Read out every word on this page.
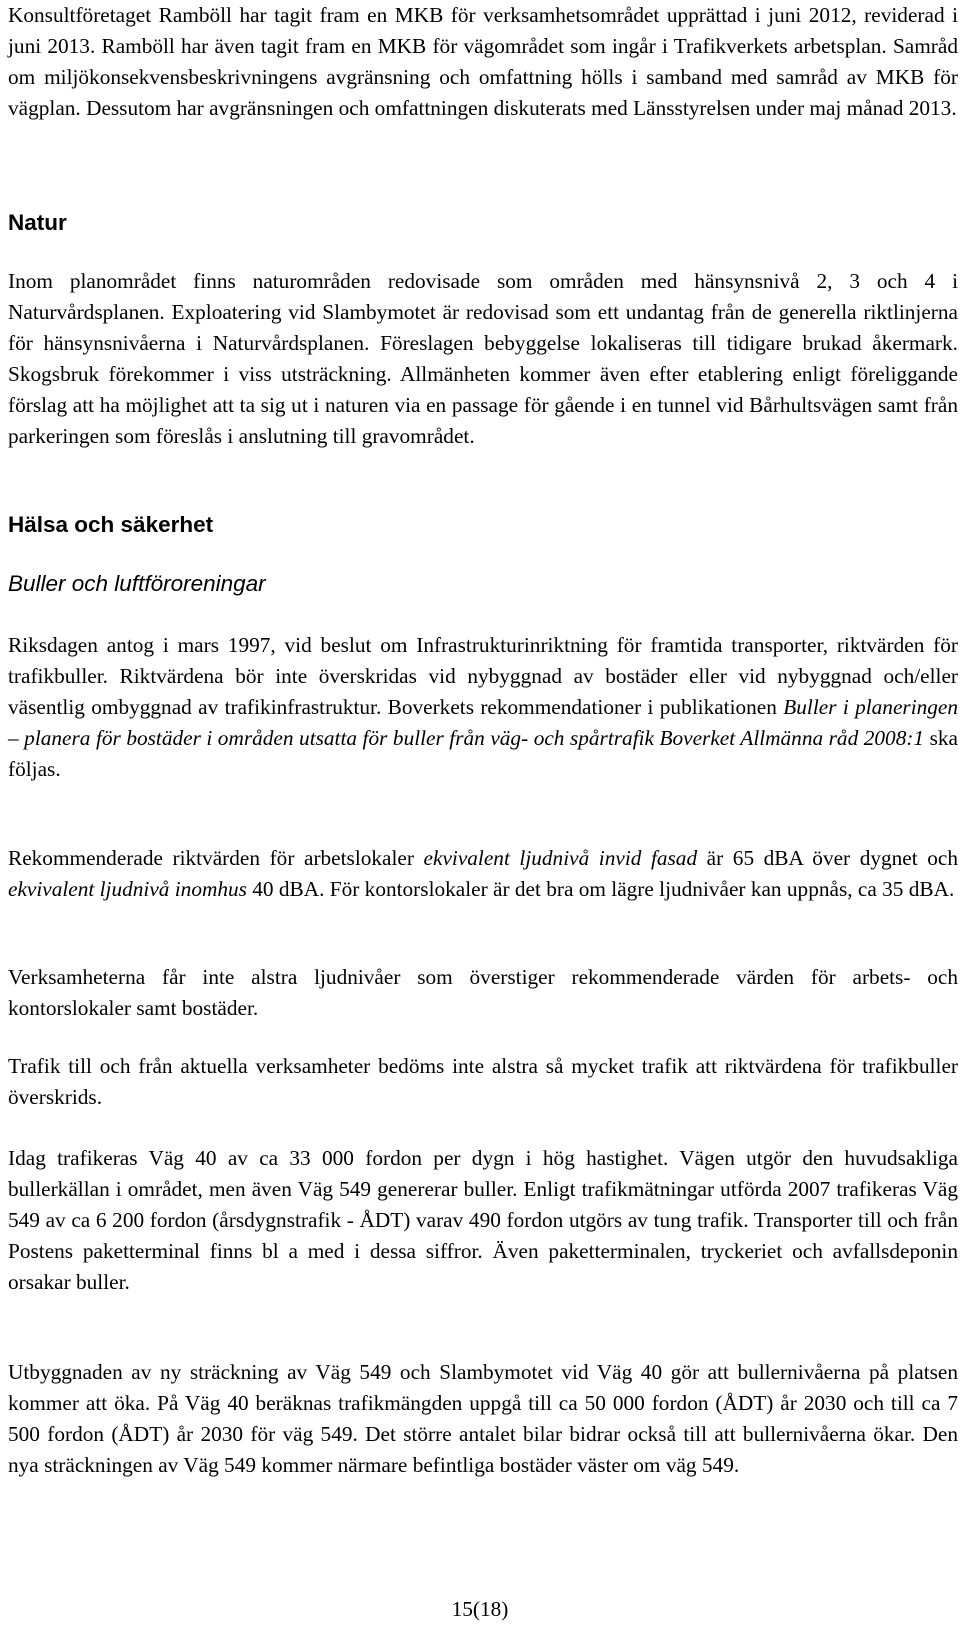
Konsultföretaget Ramböll har tagit fram en MKB för verksamhetsområdet upprättad i juni 2012, reviderad i juni 2013. Ramböll har även tagit fram en MKB för vägområdet som ingår i Trafikverkets arbetsplan. Samråd om miljökonsekvensbeskrivningens avgränsning och omfattning hölls i samband med samråd av MKB för vägplan. Dessutom har avgränsningen och omfattningen diskuterats med Länsstyrelsen under maj månad 2013.

Natur

Inom planområdet finns naturområden redovisade som områden med hänsynsnivå 2, 3 och 4 i Naturvårdsplanen. Exploatering vid Slambymotet är redovisad som ett undantag från de generella riktlinjerna för hänsynsnivåerna i Naturvårdsplanen. Föreslagen bebyggelse lokaliseras till tidigare brukad åkermark. Skogsbruk förekommer i viss utsträckning. Allmänheten kommer även efter etablering enligt föreliggande förslag att ha möjlighet att ta sig ut i naturen via en passage för gående i en tunnel vid Bårhultsvägen samt från parkeringen som föreslås i anslutning till gravområdet.

Hälsa och säkerhet
Buller och luftföroreningar

Riksdagen antog i mars 1997, vid beslut om Infrastrukturinriktning för framtida transporter, riktvärden för trafikbuller. Riktvärdena bör inte överskridas vid nybyggnad av bostäder eller vid nybyggnad och/eller väsentlig ombyggnad av trafikinfrastruktur. Boverkets rekommendationer i publikationen Buller i planeringen – planera för bostäder i områden utsatta för buller från väg- och spårtrafik Boverket Allmänna råd 2008:1 ska följas.

Rekommenderade riktvärden för arbetslokaler ekvivalent ljudnivå invid fasad är 65 dBA över dygnet och ekvivalent ljudnivå inomhus 40 dBA. För kontorslokaler är det bra om lägre ljudnivåer kan uppnås, ca 35 dBA.

Verksamheterna får inte alstra ljudnivåer som överstiger rekommenderade värden för arbets- och kontorslokaler samt bostäder.

Trafik till och från aktuella verksamheter bedöms inte alstra så mycket trafik att riktvärdena för trafikbuller överskrids.

Idag trafikeras Väg 40 av ca 33 000 fordon per dygn i hög hastighet. Vägen utgör den huvudsakliga bullerkällan i området, men även Väg 549 genererar buller. Enligt trafikmätningar utförda 2007 trafikeras Väg 549 av ca 6 200 fordon (årsdygnstrafik - ÅDT) varav 490 fordon utgörs av tung trafik. Transporter till och från Postens paketterminal finns bl a med i dessa siffror. Även paketterminalen, tryckeriet och avfallsdeponin orsakar buller.

Utbyggnaden av ny sträckning av Väg 549 och Slambymotet vid Väg 40 gör att bullernivåerna på platsen kommer att öka. På Väg 40 beräknas trafikmängden uppgå till ca 50 000 fordon (ÅDT) år 2030 och till ca 7 500 fordon (ÅDT) år 2030 för väg 549. Det större antalet bilar bidrar också till att bullernivåerna ökar. Den nya sträckningen av Väg 549 kommer närmare befintliga bostäder väster om väg 549.

15(18)
